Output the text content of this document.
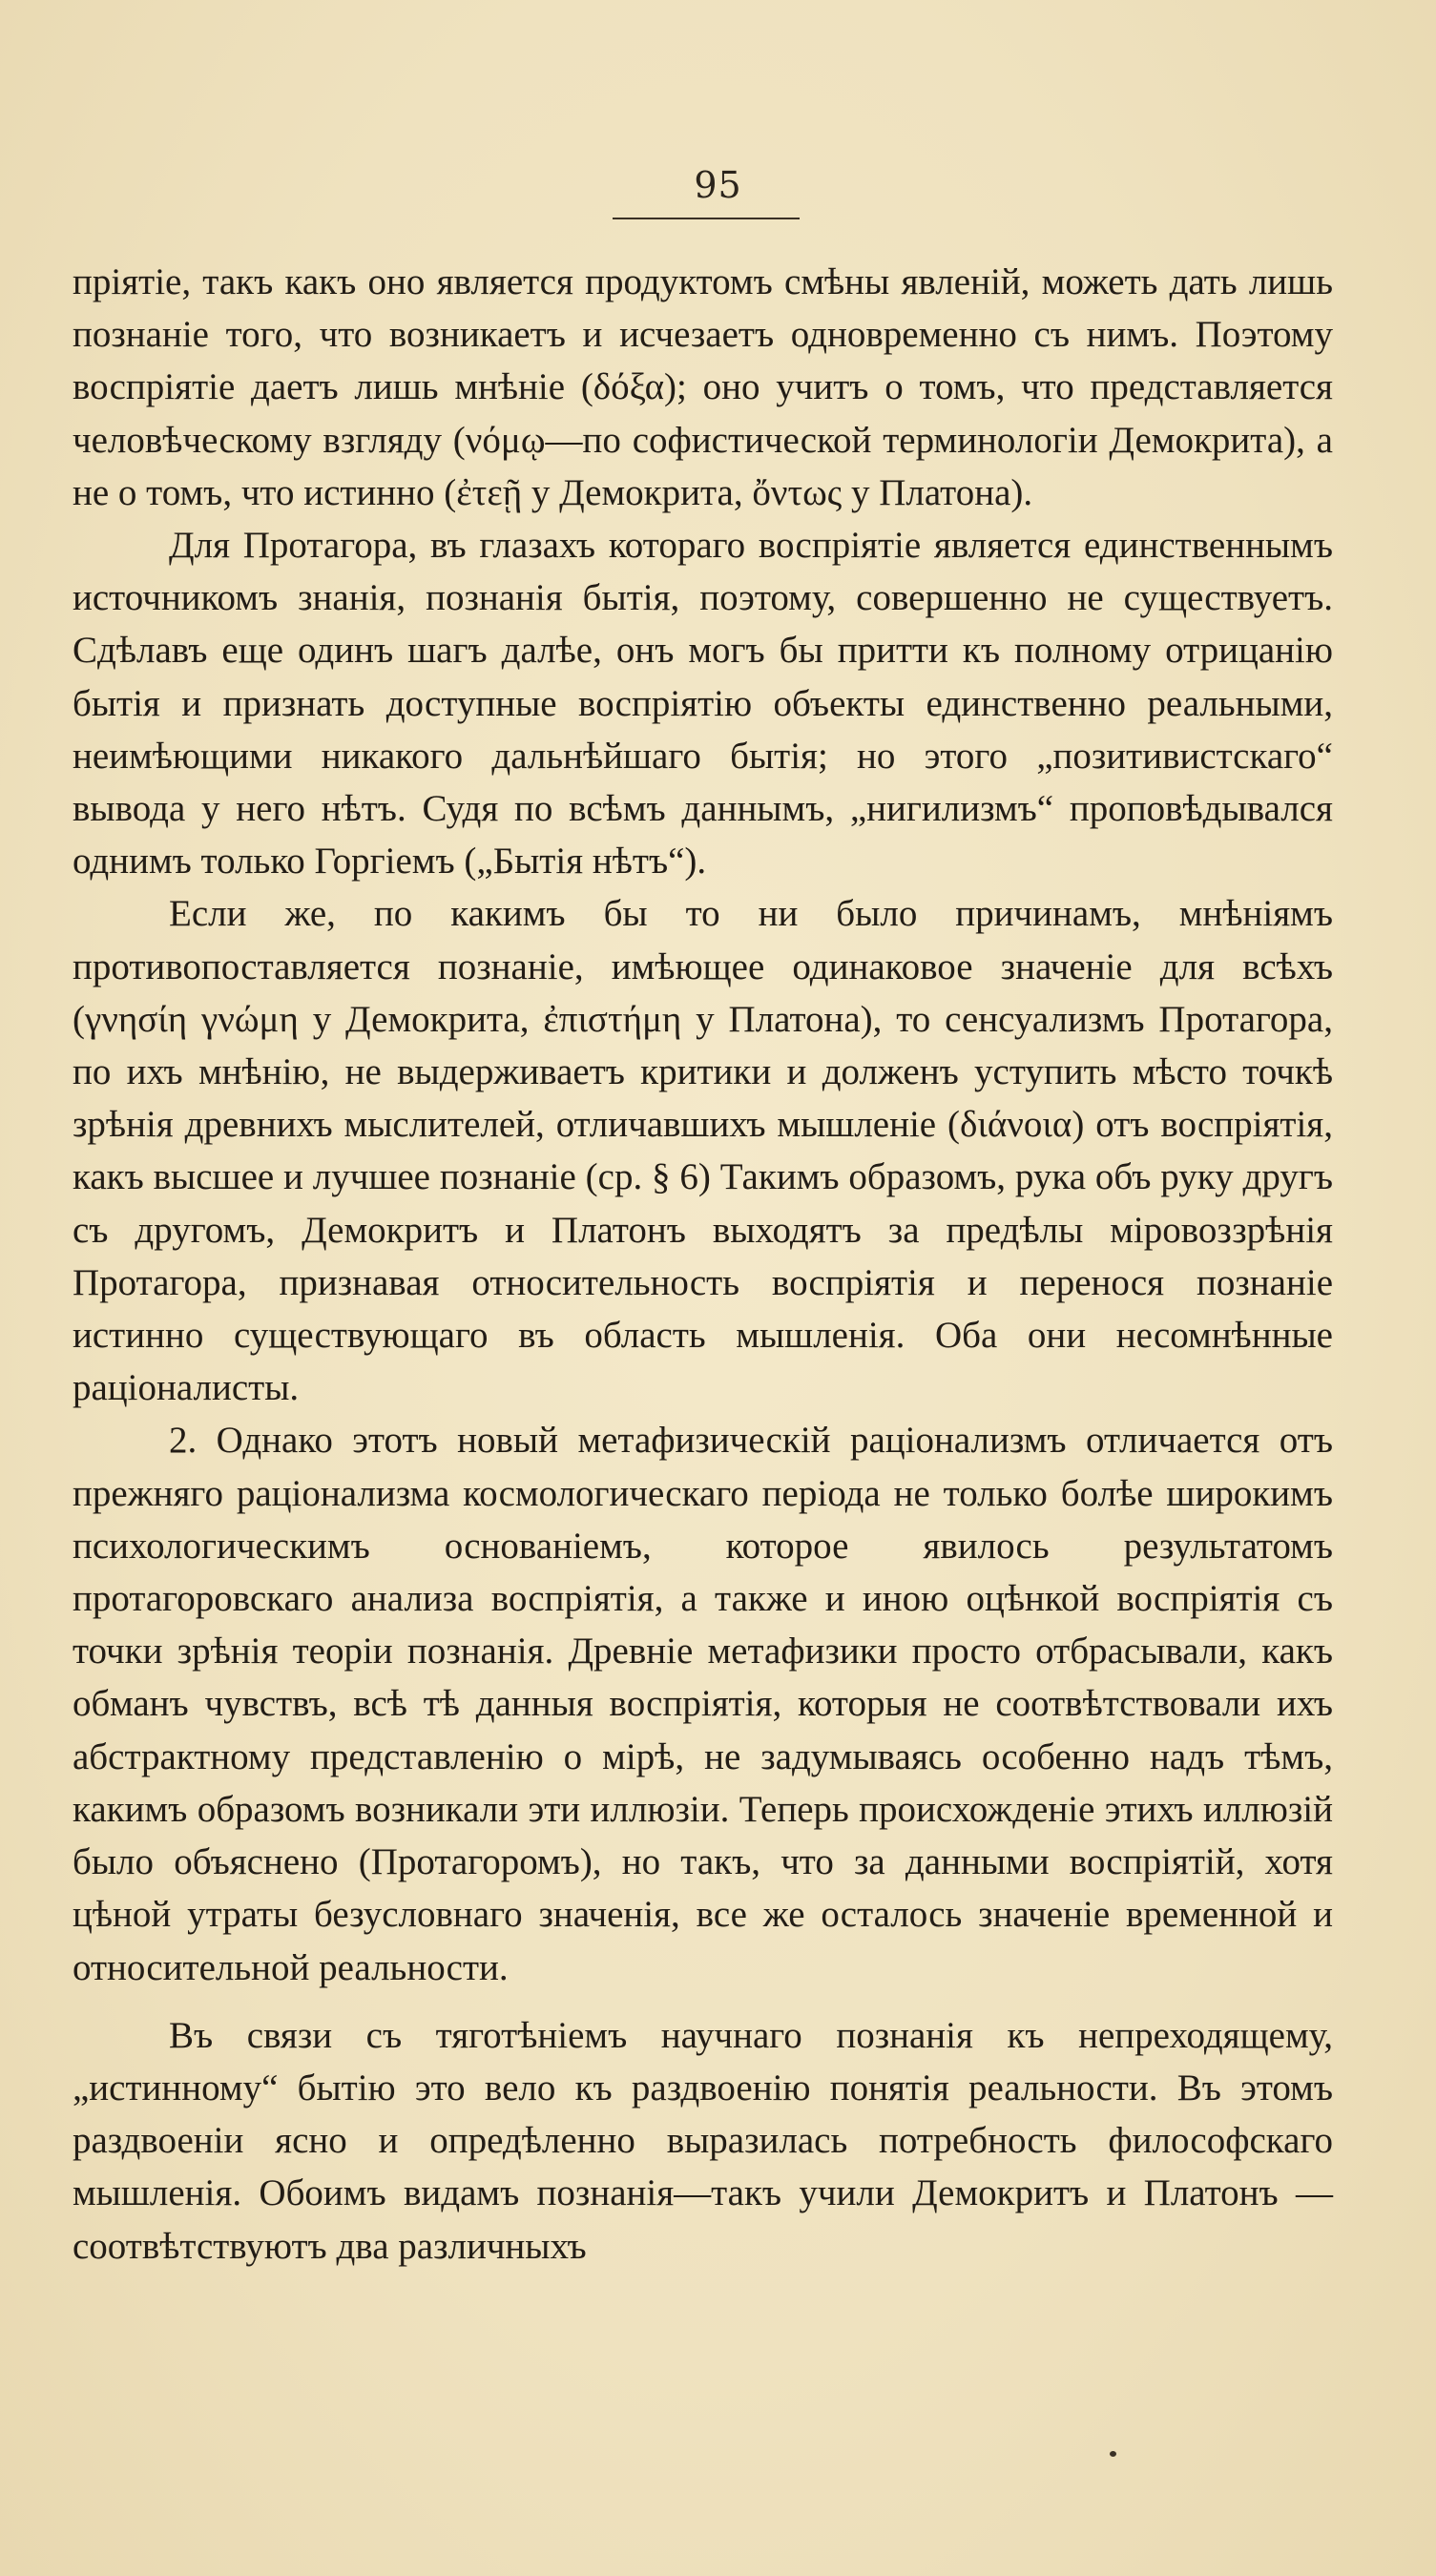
95

прiятiе, такъ какъ оно является продуктомъ смѣны явленiй, можеть дать лишь познанiе того, что возникаетъ и исчезаетъ одновременно съ нимъ. Поэтому воспрiятiе даетъ лишь мнѣнiе (δόξα); оно учитъ о томъ, что представляется человѣческому взгляду (νόμῳ—по софистической терминологiи Демокрита), а не о томъ, что истинно (ἐτεῇ у Демокрита, ὄντως у Платона).

Для Протагора, въ глазахъ котораго воспрiятiе является единственнымъ источникомъ знанiя, познанiя бытiя, поэтому, совершенно не существуетъ. Сдѣлавъ еще одинъ шагъ далѣе, онъ могъ бы притти къ полному отрицанiю бытiя и признать доступные воспрiятiю объекты единственно реальными, неимѣющими никакого дальнѣйшаго бытiя; но этого „позитивистскаго“ вывода у него нѣтъ. Судя по всѣмъ даннымъ, „нигилизмъ“ проповѣдывался однимъ только Горгiемъ („Бытiя нѣтъ“).

Если же, по какимъ бы то ни было причинамъ, мнѣнiямъ противопоставляется познанiе, имѣющее одинаковое значенiе для всѣхъ (γνησίη γνώμη у Демокрита, ἐπιστήμη у Платона), то сенсуализмъ Протагора, по ихъ мнѣнiю, не выдерживаетъ критики и долженъ уступить мѣсто точкѣ зрѣнiя древнихъ мыслителей, отличавшихъ мышленiе (διάνοια) отъ воспрiятiя, какъ высшее и лучшее познанiе (ср. § 6) Такимъ образомъ, рука объ руку другъ съ другомъ, Демокритъ и Платонъ выходятъ за предѣлы мiровоззрѣнiя Протагора, признавая относительность воспрiятiя и перенося познанiе истинно существующаго въ область мышленiя. Оба они несомнѣнные рацiоналисты.

2. Однако этотъ новый метафизическiй рацiонализмъ отличается отъ прежняго рацiонализма космологическаго перiода не только болѣе широкимъ психологическимъ основанiемъ, которое явилось результатомъ протагоровскаго анализа воспрiятiя, а также и иною оцѣнкой воспрiятiя съ точки зрѣнiя теорiи познанiя. Древнiе метафизики просто отбрасывали, какъ обманъ чувствъ, всѣ тѣ данныя воспрiятiя, которыя не соотвѣтствовали ихъ абстрактному представленiю о мiрѣ, не задумываясь особенно надъ тѣмъ, какимъ образомъ возникали эти иллюзiи. Теперь происхожденiе этихъ иллюзiй было объяснено (Протагоромъ), но такъ, что за данными воспрiятiй, хотя цѣной утраты безусловнаго значенiя, все же осталось значенiе временной и относительной реальности.

Въ связи съ тяготѣнiемъ научнаго познанiя къ непреходящему, „истинному“ бытiю это вело къ раздвоенiю понятiя реальности. Въ этомъ раздвоенiи ясно и опредѣленно выразилась потребность философскаго мышленiя. Обоимъ видамъ познанiя—такъ учили Демокритъ и Платонъ — соотвѣтствуютъ два различныхъ
